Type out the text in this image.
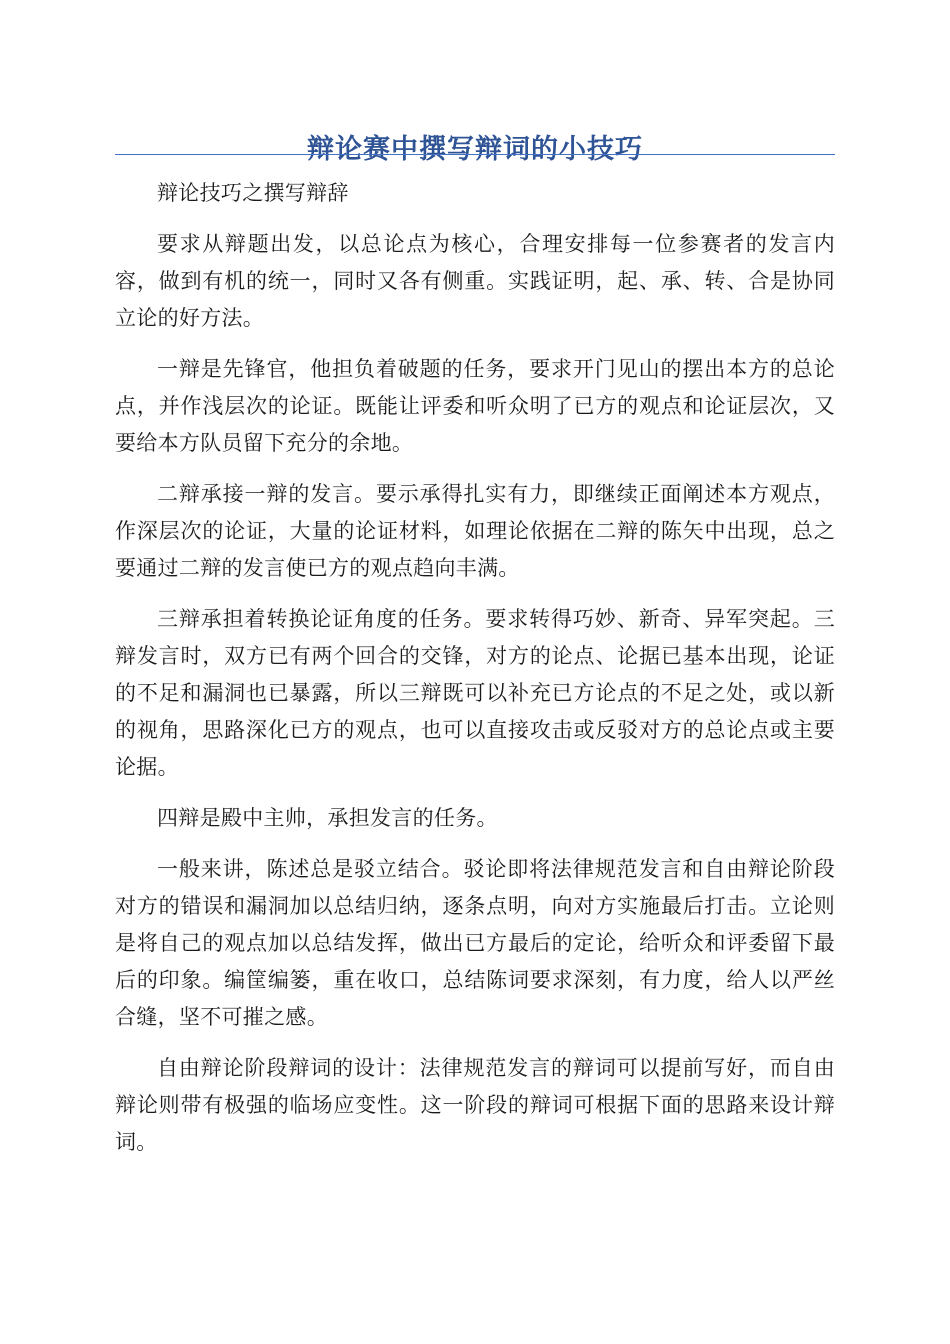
辩论赛中撰写辩词的小技巧

辩论技巧之撰写辩辞

要求从辩题出发，以总论点为核心，合理安排每一位参赛者的发言内容，做到有机的统一，同时又各有侧重。实践证明，起、承、转、合是协同立论的好方法。

一辩是先锋官，他担负着破题的任务，要求开门见山的摆出本方的总论点，并作浅层次的论证。既能让评委和听众明了已方的观点和论证层次，又要给本方队员留下充分的余地。

二辩承接一辩的发言。要示承得扎实有力，即继续正面阐述本方观点，作深层次的论证，大量的论证材料，如理论依据在二辩的陈矢中出现，总之要通过二辩的发言使已方的观点趋向丰满。

三辩承担着转换论证角度的任务。要求转得巧妙、新奇、异军突起。三辩发言时，双方已有两个回合的交锋，对方的论点、论据已基本出现，论证的不足和漏洞也已暴露，所以三辩既可以补充已方论点的不足之处，或以新的视角，思路深化已方的观点，也可以直接攻击或反驳对方的总论点或主要论据。

四辩是殿中主帅，承担发言的任务。

一般来讲，陈述总是驳立结合。驳论即将法律规范发言和自由辩论阶段对方的错误和漏洞加以总结归纳，逐条点明，向对方实施最后打击。立论则是将自己的观点加以总结发挥，做出已方最后的定论，给听众和评委留下最后的印象。编筐编篓，重在收口，总结陈词要求深刻，有力度，给人以严丝合缝，坚不可摧之感。

自由辩论阶段辩词的设计：法律规范发言的辩词可以提前写好，而自由辩论则带有极强的临场应变性。这一阶段的辩词可根据下面的思路来设计辩词。
